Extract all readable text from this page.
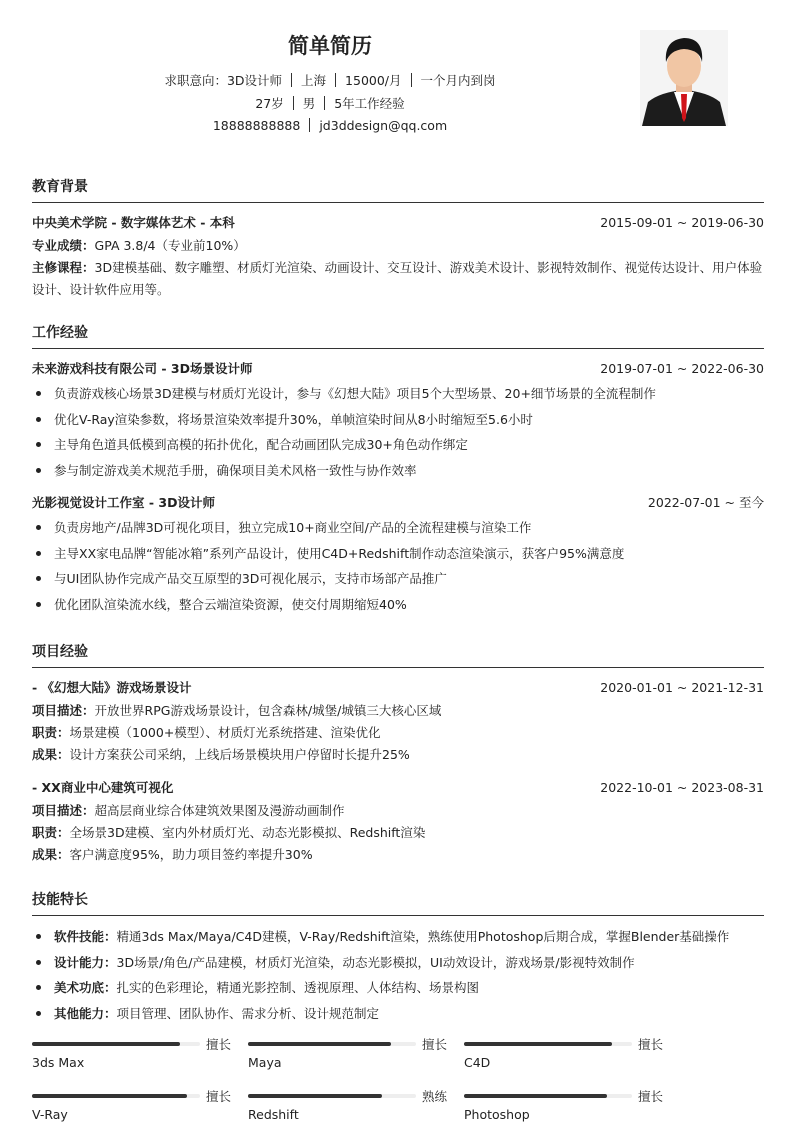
简单简历
求职意向：3D设计师 上海 15000/月 一个月内到岗
27岁 男 5年工作经验
18888888888 jd3ddesign@qq.com
教育背景
中央美术学院 - 数字媒体艺术 - 本科	2015-09-01 ~ 2019-06-30
专业成绩：GPA 3.8/4（专业前10%）
主修课程：3D建模基础、数字雕塑、材质灯光渲染、动画设计、交互设计、游戏美术设计、影视特效制作、视觉传达设计、用户体验设计、设计软件应用等。
工作经验
未来游戏科技有限公司 - 3D场景设计师	2019-07-01 ~ 2022-06-30
负责游戏核心场景3D建模与材质灯光设计，参与《幻想大陆》项目5个大型场景、20+细节场景的全流程制作
优化V-Ray渲染参数，将场景渲染效率提升30%，单帧渲染时间从8小时缩短至5.6小时
主导角色道具低模到高模的拓扑优化，配合动画团队完成30+角色动作绑定
参与制定游戏美术规范手册，确保项目美术风格一致性与协作效率
光影视觉设计工作室 - 3D设计师	2022-07-01 ~ 至今
负责房地产/品牌3D可视化项目，独立完成10+商业空间/产品的全流程建模与渲染工作
主导XX家电品牌“智能冰箱”系列产品设计，使用C4D+Redshift制作动态渲染演示，获客户95%满意度
与UI团队协作完成产品交互原型的3D可视化展示，支持市场部产品推广
优化团队渲染流水线，整合云端渲染资源，使交付周期缩短40%
项目经验
- 《幻想大陆》游戏场景设计	2020-01-01 ~ 2021-12-31
项目描述：开放世界RPG游戏场景设计，包含森林/城堡/城镇三大核心区域
职责：场景建模（1000+模型）、材质灯光系统搭建、渲染优化
成果：设计方案获公司采纳，上线后场景模块用户停留时长提升25%
- XX商业中心建筑可视化	2022-10-01 ~ 2023-08-31
项目描述：超高层商业综合体建筑效果图及漫游动画制作
职责：全场景3D建模、室内外材质灯光、动态光影模拟、Redshift渲染
成果：客户满意度95%，助力项目签约率提升30%
技能特长
软件技能：精通3ds Max/Maya/C4D建模，V-Ray/Redshift渲染，熟练使用Photoshop后期合成，掌握Blender基础操作
设计能力：3D场景/角色/产品建模，材质灯光渲染，动态光影模拟，UI动效设计，游戏场景/影视特效制作
美术功底：扎实的色彩理论，精通光影控制、透视原理、人体结构、场景构图
其他能力：项目管理、团队协作、需求分析、设计规范制定
擅长
3ds Max
擅长
Maya
擅长
C4D
擅长
V-Ray
熟练
Redshift
擅长
Photoshop
